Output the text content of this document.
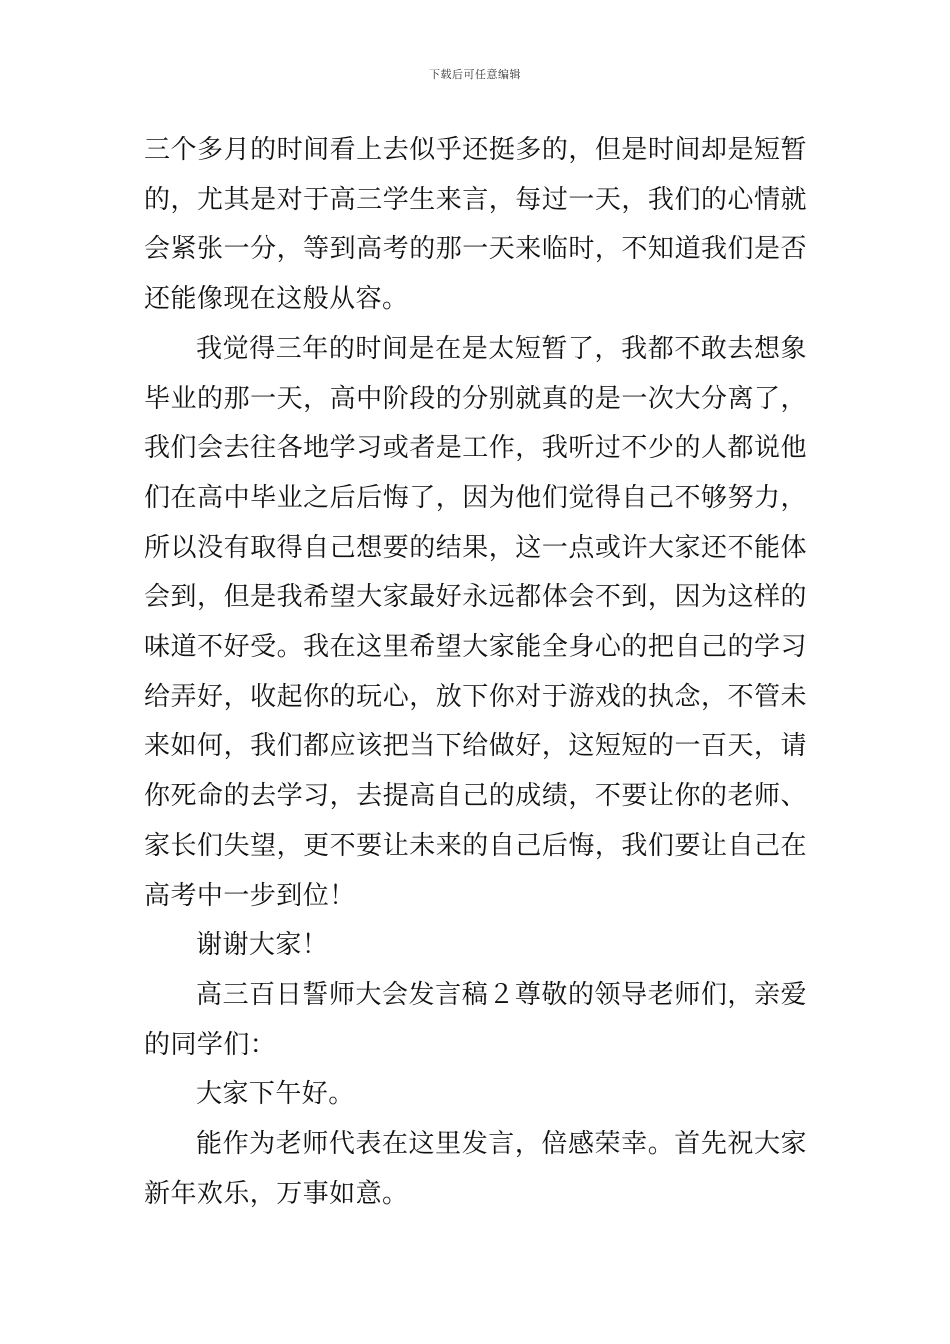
下载后可任意编辑

三个多月的时间看上去似乎还挺多的，但是时间却是短暂的，尤其是对于高三学生来言，每过一天，我们的心情就会紧张一分，等到高考的那一天来临时，不知道我们是否还能像现在这般从容。

我觉得三年的时间是在是太短暂了，我都不敢去想象毕业的那一天，高中阶段的分别就真的是一次大分离了，我们会去往各地学习或者是工作，我听过不少的人都说他们在高中毕业之后后悔了，因为他们觉得自己不够努力，所以没有取得自己想要的结果，这一点或许大家还不能体会到，但是我希望大家最好永远都体会不到，因为这样的味道不好受。我在这里希望大家能全身心的把自己的学习给弄好，收起你的玩心，放下你对于游戏的执念，不管未来如何，我们都应该把当下给做好，这短短的一百天，请你死命的去学习，去提高自己的成绩，不要让你的老师、家长们失望，更不要让未来的自己后悔，我们要让自己在高考中一步到位！

谢谢大家！

高三百日誓师大会发言稿２尊敬的领导老师们，亲爱的同学们：

大家下午好。

能作为老师代表在这里发言，倍感荣幸。首先祝大家新年欢乐，万事如意。
